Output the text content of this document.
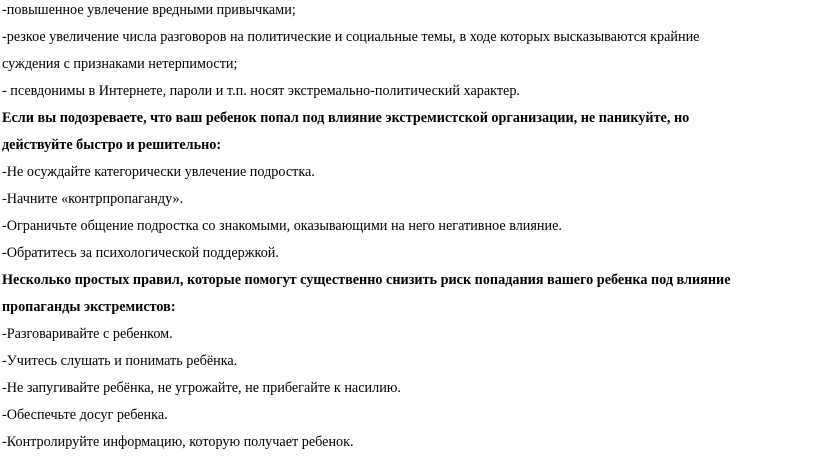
-повышенное увлечение вредными привычками;
-резкое увеличение числа разговоров на политические и социальные темы, в ходе которых высказываются крайние
суждения с признаками нетерпимости;
- псевдонимы в Интернете, пароли и т.п. носят экстремально-политический характер.
Если вы подозреваете, что ваш ребенок попал под влияние экстремистской организации, не паникуйте, но
действуйте быстро и решительно:
-Не осуждайте категорически увлечение подростка.
-Начните «контрпропаганду».
-Ограничьте общение подростка со знакомыми, оказывающими на него негативное влияние.
-Обратитесь за психологической поддержкой.
Несколько простых правил, которые помогут существенно снизить риск попадания вашего ребенка под влияние
пропаганды экстремистов:
-Разговаривайте с ребенком.
-Учитесь слушать и понимать ребёнка.
-Не запугивайте ребёнка, не угрожайте, не прибегайте к насилию.
-Обеспечьте досуг ребенка.
-Контролируйте информацию, которую получает ребенок.
